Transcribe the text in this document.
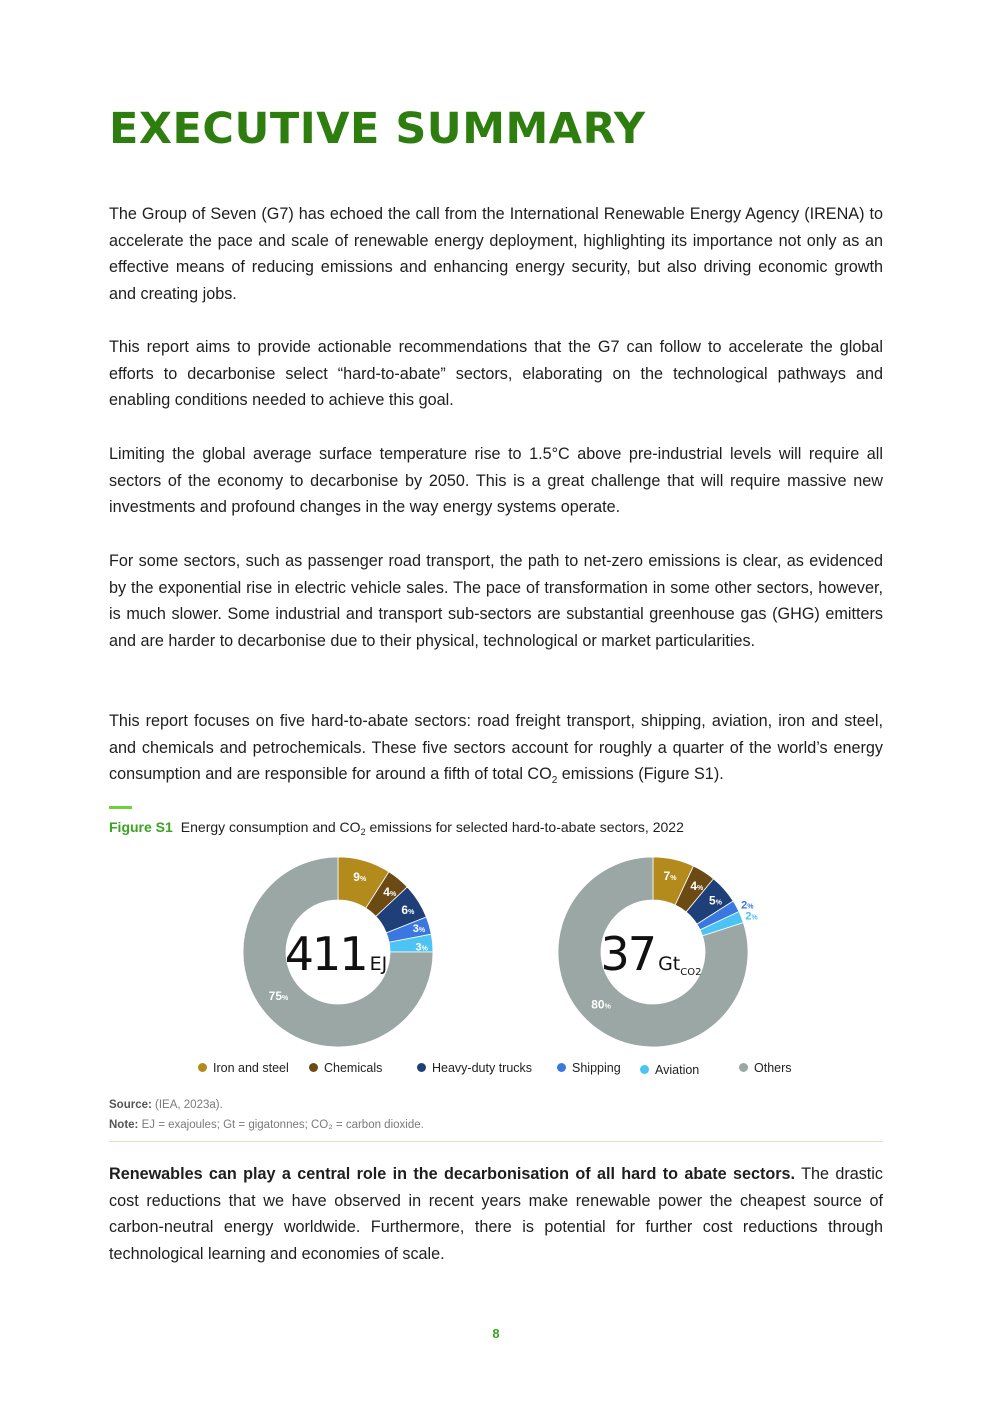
EXECUTIVE SUMMARY

The Group of Seven (G7) has echoed the call from the International Renewable Energy Agency (IRENA) to accelerate the pace and scale of renewable energy deployment, highlighting its importance not only as an effective means of reducing emissions and enhancing energy security, but also driving economic growth and creating jobs.

This report aims to provide actionable recommendations that the G7 can follow to accelerate the global efforts to decarbonise select “hard-to-abate” sectors, elaborating on the technological pathways and enabling conditions needed to achieve this goal.

Limiting the global average surface temperature rise to 1.5°C above pre-industrial levels will require all sectors of the economy to decarbonise by 2050. This is a great challenge that will require massive new investments and profound changes in the way energy systems operate.

For some sectors, such as passenger road transport, the path to net-zero emissions is clear, as evidenced by the exponential rise in electric vehicle sales. The pace of transformation in some other sectors, however, is much slower. Some industrial and transport sub-sectors are substantial greenhouse gas (GHG) emitters and are harder to decarbonise due to their physical, technological or market particularities.

This report focuses on five hard-to-abate sectors: road freight transport, shipping, aviation, iron and steel, and chemicals and petrochemicals. These five sectors account for roughly a quarter of the world’s energy consumption and are responsible for around a fifth of total $CO_2$ emissions (Figure S1).

Figure S1 Energy consumption and $CO_2$ emissions for selected hard-to-abate sectors, 2022
9%
4%
6%
3%
3%
75%
411 EJ
7%
4%
5% 2%
2%
80%
37 $Gt_{CO2}$
Iron and steel	Chemicals	Heavy-duty trucks	Shipping	Aviation	Others
Source: (IEA, 2023a).
Note: EJ = exajoules; Gt = gigatonnes; CO₂ = carbon dioxide.

Renewables can play a central role in the decarbonisation of all hard to abate sectors. The drastic cost reductions that we have observed in recent years make renewable power the cheapest source of carbon-neutral energy worldwide. Furthermore, there is potential for further cost reductions through technological learning and economies of scale.

8
